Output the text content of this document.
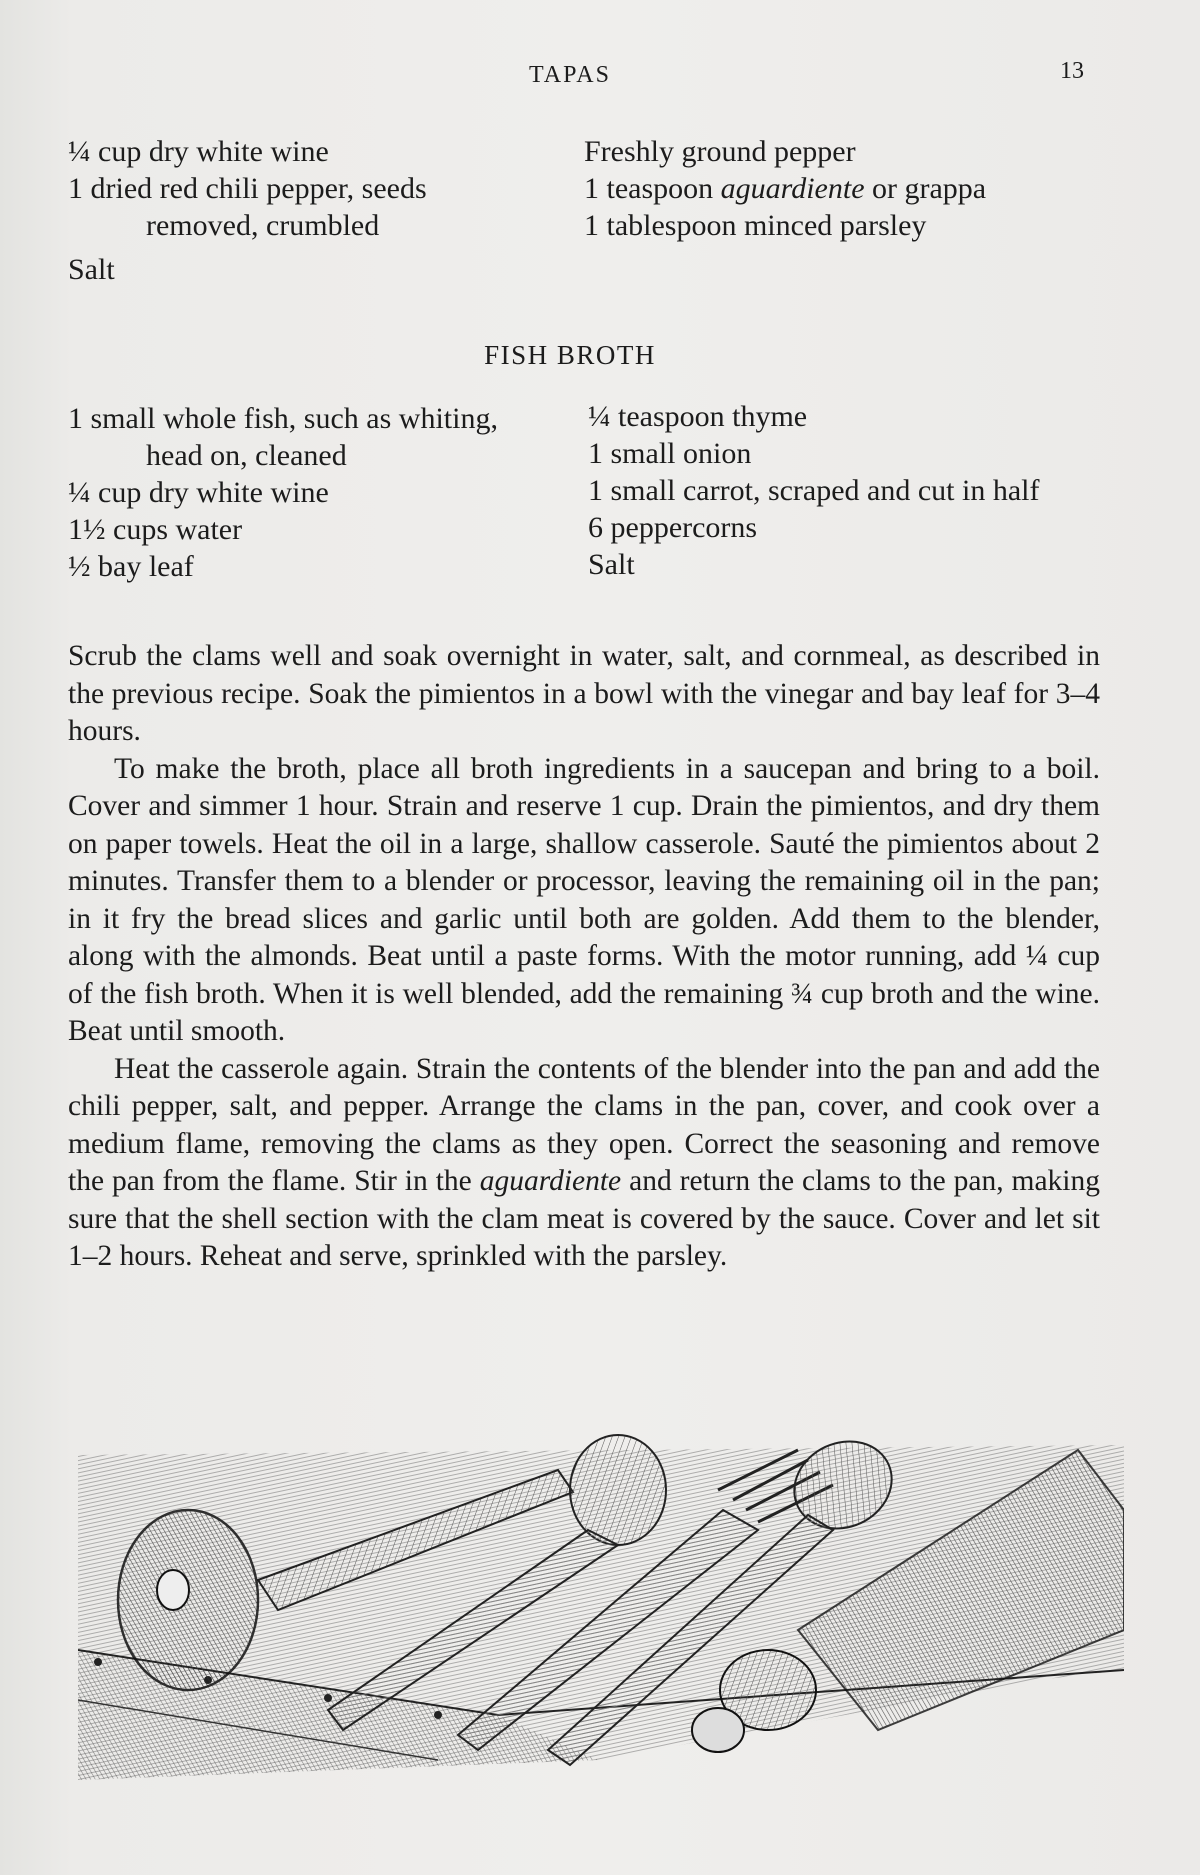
TAPAS	13
¼ cup dry white wine
1 dried red chili pepper, seeds
removed, crumbled
Salt
Freshly ground pepper
1 teaspoon aguardiente or grappa
1 tablespoon minced parsley
FISH BROTH
1 small whole fish, such as whiting,
head on, cleaned
¼ cup dry white wine
1½ cups water
½ bay leaf
¼ teaspoon thyme
1 small onion
1 small carrot, scraped and cut in half
6 peppercorns
Salt

Scrub the clams well and soak overnight in water, salt, and cornmeal, as described in the previous recipe. Soak the pimientos in a bowl with the vinegar and bay leaf for 3–4 hours.

To make the broth, place all broth ingredients in a saucepan and bring to a boil. Cover and simmer 1 hour. Strain and reserve 1 cup. Drain the pimientos, and dry them on paper towels. Heat the oil in a large, shallow casserole. Sauté the pimientos about 2 minutes. Transfer them to a blender or processor, leaving the remaining oil in the pan; in it fry the bread slices and garlic until both are golden. Add them to the blender, along with the almonds. Beat until a paste forms. With the motor running, add ¼ cup of the fish broth. When it is well blended, add the remaining ¾ cup broth and the wine. Beat until smooth.

Heat the casserole again. Strain the contents of the blender into the pan and add the chili pepper, salt, and pepper. Arrange the clams in the pan, cover, and cook over a medium flame, removing the clams as they open. Correct the seasoning and remove the pan from the flame. Stir in the aguardiente and return the clams to the pan, making sure that the shell section with the clam meat is covered by the sauce. Cover and let sit 1–2 hours. Reheat and serve, sprinkled with the parsley.
